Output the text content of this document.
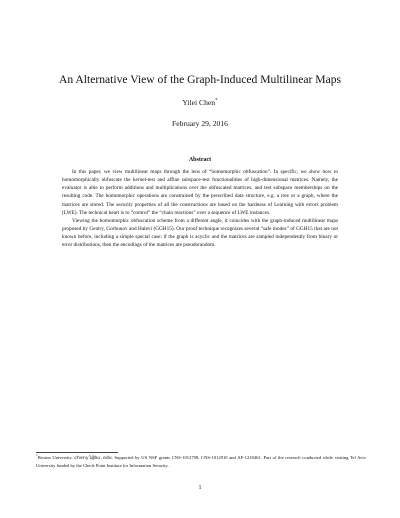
An Alternative View of the Graph-Induced Multilinear Maps
Yilei Chen*
February 29, 2016
Abstract

In this paper, we view multilinear maps through the lens of “homomorphic obfuscation”. In specific, we show how to homomorphically obfuscate the kernel-test and affine subspace-test functionalities of high-dimensional matrices. Namely, the evaluator is able to perform additions and multiplications over the obfuscated matrices, and test subspace memberships on the resulting code. The homomorphic operations are constrained by the prescribed data structure, e.g. a tree or a graph, where the matrices are stored. The security properties of all the constructions are based on the hardness of Learning with errors problem (LWE). The technical heart is to “control” the “chain reactions” over a sequence of LWE instances.

Viewing the homomorphic obfuscation scheme from a different angle, it coincides with the graph-induced multilinear maps proposed by Gentry, Gorbunov and Halevi (GGH15). Our proof technique recognizes several ”safe modes” of GGH15 that are not known before, including a simple special case: if the graph is acyclic and the matrices are sampled independently from binary or error distributions, then the encodings of the matrices are pseudorandom.

*Boston University. chenyl@bu.edu. Supported by US NSF grants CNS-1012798, CNS-1012910 and AF-1218461. Part of the research conducted while visiting Tel Aviv University funded by the Check Point Institute for Information Security .
1
